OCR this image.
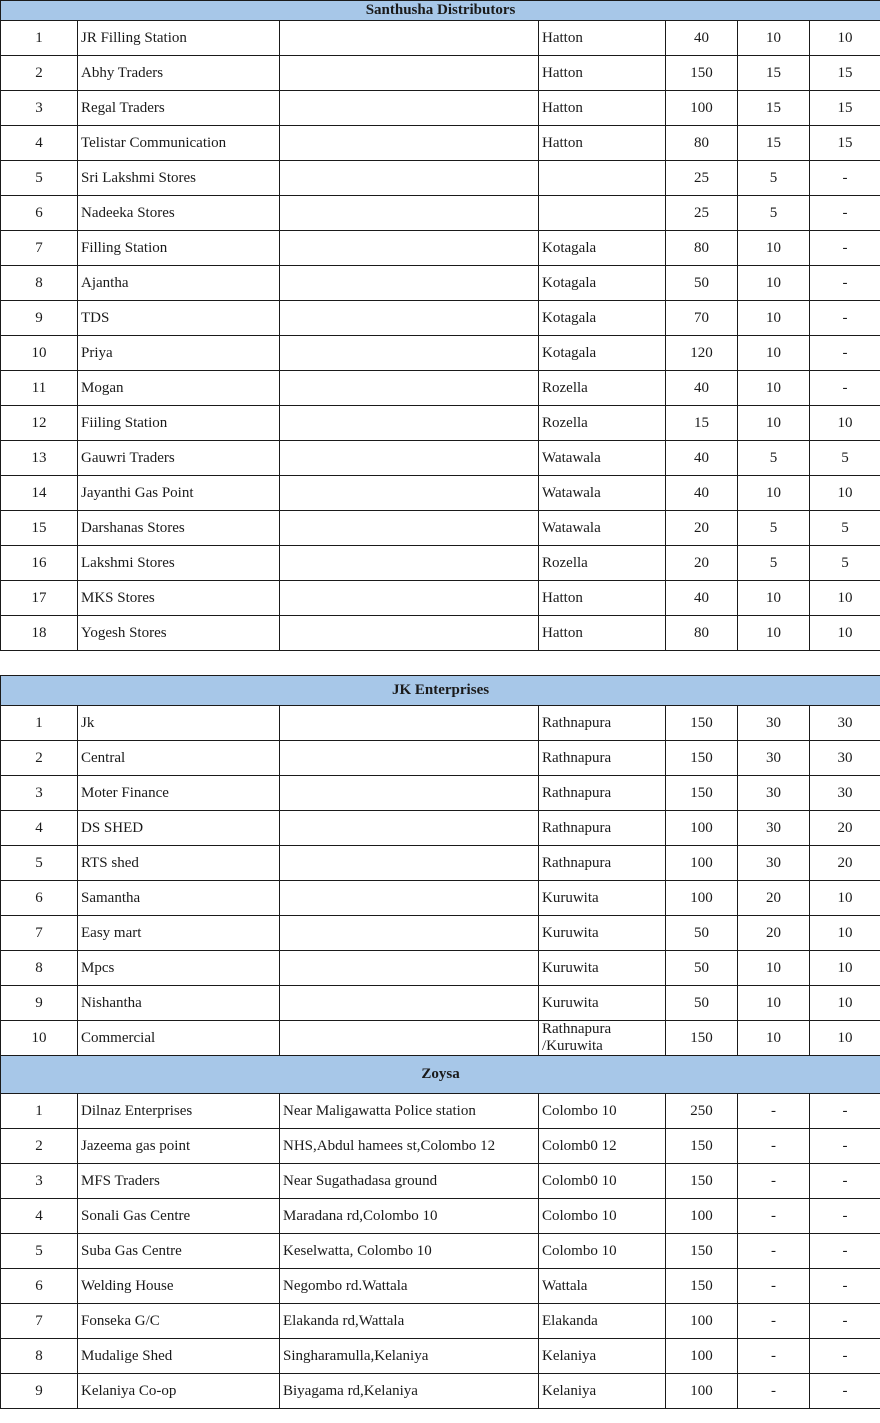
Santhusha Distributors						
1	JR Filling Station		Hatton	40	10	10
2	Abhy Traders		Hatton	150	15	15
3	Regal Traders		Hatton	100	15	15
4	Telistar Communication		Hatton	80	15	15
5	Sri Lakshmi Stores			25	5	-
6	Nadeeka Stores			25	5	-
7	Filling Station		Kotagala	80	10	-
8	Ajantha		Kotagala	50	10	-
9	TDS		Kotagala	70	10	-
10	Priya		Kotagala	120	10	-
11	Mogan		Rozella	40	10	-
12	Fiiling Station		Rozella	15	10	10
13	Gauwri Traders		Watawala	40	5	5
14	Jayanthi Gas Point		Watawala	40	10	10
15	Darshanas Stores		Watawala	20	5	5
16	Lakshmi Stores		Rozella	20	5	5
17	MKS Stores		Hatton	40	10	10
18	Yogesh Stores		Hatton	80	10	10
JK Enterprises						
1	Jk		Rathnapura	150	30	30
2	Central		Rathnapura	150	30	30
3	Moter Finance		Rathnapura	150	30	30
4	DS SHED		Rathnapura	100	30	20
5	RTS shed		Rathnapura	100	30	20
6	Samantha		Kuruwita	100	20	10
7	Easy mart		Kuruwita	50	20	10
8	Mpcs		Kuruwita	50	10	10
9	Nishantha		Kuruwita	50	10	10
10	Commercial		Rathnapura /Kuruwita	150	10	10
Zoysa						
1	Dilnaz Enterprises	Near Maligawatta Police station	Colombo 10	250	-	-
2	Jazeema gas point	NHS,Abdul hamees st,Colombo 12	Colomb0 12	150	-	-
3	MFS Traders	Near Sugathadasa ground	Colomb0 10	150	-	-
4	Sonali Gas Centre	Maradana rd,Colombo 10	Colombo 10	100	-	-
5	Suba Gas Centre	Keselwatta, Colombo 10	Colombo 10	150	-	-
6	Welding House	Negombo rd.Wattala	Wattala	150	-	-
7	Fonseka G/C	Elakanda rd,Wattala	Elakanda	100	-	-
8	Mudalige Shed	Singharamulla,Kelaniya	Kelaniya	100	-	-
9	Kelaniya Co-op	Biyagama rd,Kelaniya	Kelaniya	100	-	-
